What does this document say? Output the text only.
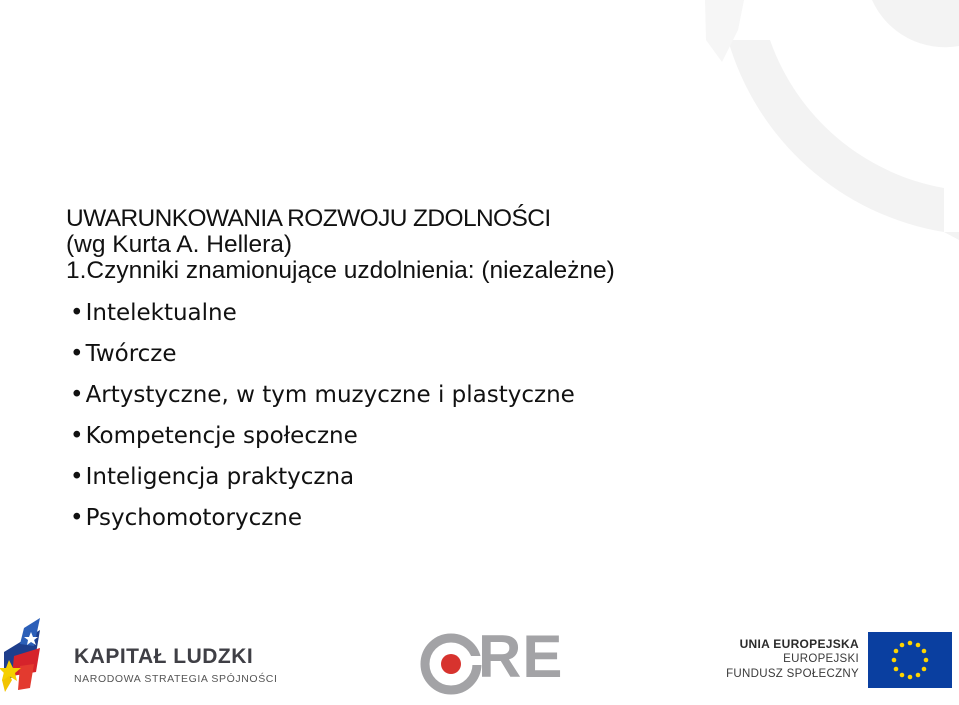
UWARUNKOWANIA ROZWOJU ZDOLNOŚCI
(wg Kurta A. Hellera)
1.Czynniki znamionujące uzdolnienia: (niezależne)
•Intelektualne
•Twórcze
•Artystyczne, w tym muzyczne i plastyczne
•Kompetencje społeczne
•Inteligencja praktyczna
•Psychomotoryczne
KAPITAŁ LUDZKI
NARODOWA STRATEGIA SPÓJNOŚCI	RE	UNIA EUROPEJSKA
EUROPEJSKI
FUNDUSZ SPOŁECZNY
